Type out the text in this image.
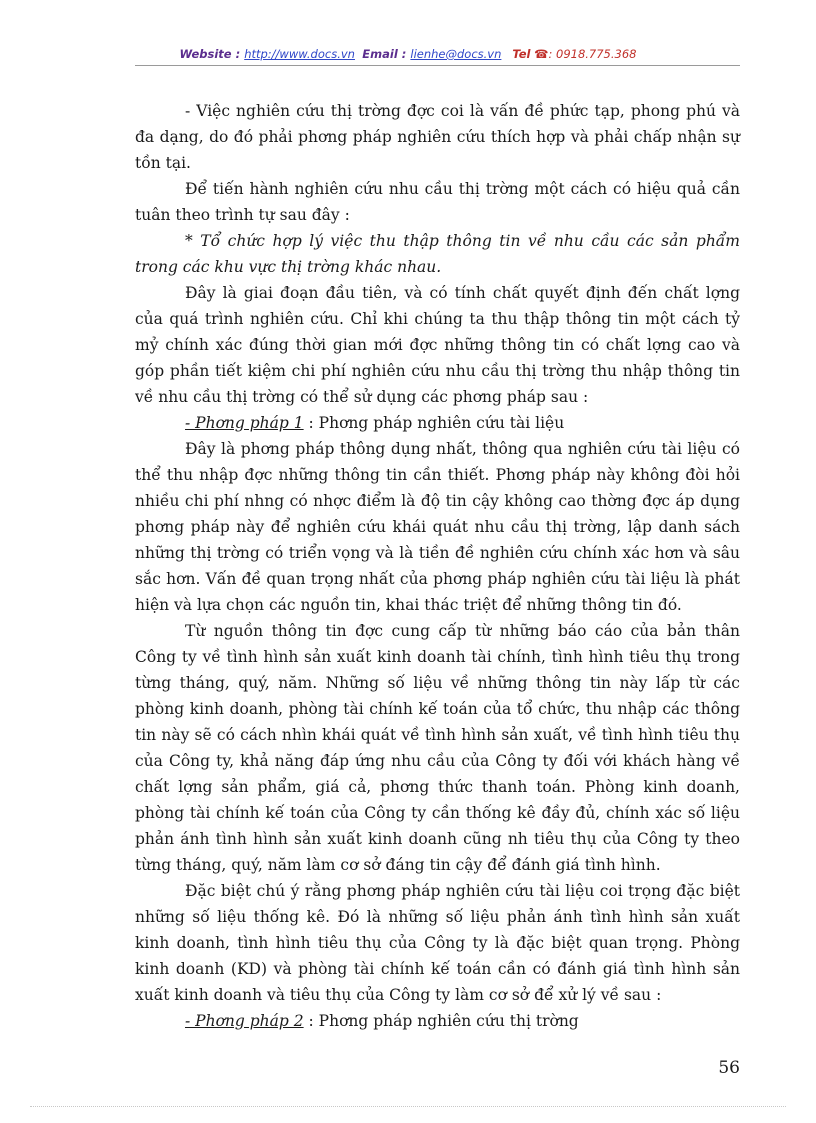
Website : http://www.docs.vn Email : lienhe@docs.vn Tel ☎: 0918.775.368

- Việc nghiên cứu thị trờng đợc coi là vấn đề phức tạp, phong phú và đa dạng, do đó phải phơng pháp nghiên cứu thích hợp và phải chấp nhận sự tồn tại.

Để tiến hành nghiên cứu nhu cầu thị trờng một cách có hiệu quả cần tuân theo trình tự sau đây :

* Tổ chức hợp lý việc thu thập thông tin về nhu cầu các sản phẩm trong các khu vực thị trờng khác nhau.

Đây là giai đoạn đầu tiên, và có tính chất quyết định đến chất lợng của quá trình nghiên cứu. Chỉ khi chúng ta thu thập thông tin một cách tỷ mỷ chính xác đúng thời gian mới đợc những thông tin có chất lợng cao và góp phần tiết kiệm chi phí nghiên cứu nhu cầu thị trờng thu nhập thông tin về nhu cầu thị trờng có thể sử dụng các phơng pháp sau :

- Phơng pháp 1 : Phơng pháp nghiên cứu tài liệu

Đây là phơng pháp thông dụng nhất, thông qua nghiên cứu tài liệu có thể thu nhập đợc những thông tin cần thiết. Phơng pháp này không đòi hỏi nhiều chi phí nhng có nhợc điểm là độ tin cậy không cao thờng đợc áp dụng phơng pháp này để nghiên cứu khái quát nhu cầu thị trờng, lập danh sách những thị trờng có triển vọng và là tiền đề nghiên cứu chính xác hơn và sâu sắc hơn. Vấn đề quan trọng nhất của phơng pháp nghiên cứu tài liệu là phát hiện và lựa chọn các nguồn tin, khai thác triệt để những thông tin đó.

Từ nguồn thông tin đợc cung cấp từ những báo cáo của bản thân Công ty về tình hình sản xuất kinh doanh tài chính, tình hình tiêu thụ trong từng tháng, quý, năm. Những số liệu về những thông tin này lấp từ các phòng kinh doanh, phòng tài chính kế toán của tổ chức, thu nhập các thông tin này sẽ có cách nhìn khái quát về tình hình sản xuất, về tình hình tiêu thụ của Công ty, khả năng đáp ứng nhu cầu của Công ty đối với khách hàng về chất lợng sản phẩm, giá cả, phơng thức thanh toán. Phòng kinh doanh, phòng tài chính kế toán của Công ty cần thống kê đầy đủ, chính xác số liệu phản ánh tình hình sản xuất kinh doanh cũng nh tiêu thụ của Công ty theo từng tháng, quý, năm làm cơ sở đáng tin cậy để đánh giá tình hình.

Đặc biệt chú ý rằng phơng pháp nghiên cứu tài liệu coi trọng đặc biệt những số liệu thống kê. Đó là những số liệu phản ánh tình hình sản xuất kinh doanh, tình hình tiêu thụ của Công ty là đặc biệt quan trọng. Phòng kinh doanh (KD) và phòng tài chính kế toán cần có đánh giá tình hình sản xuất kinh doanh và tiêu thụ của Công ty làm cơ sở để xử lý về sau :

- Phơng pháp 2 : Phơng pháp nghiên cứu thị trờng

56
